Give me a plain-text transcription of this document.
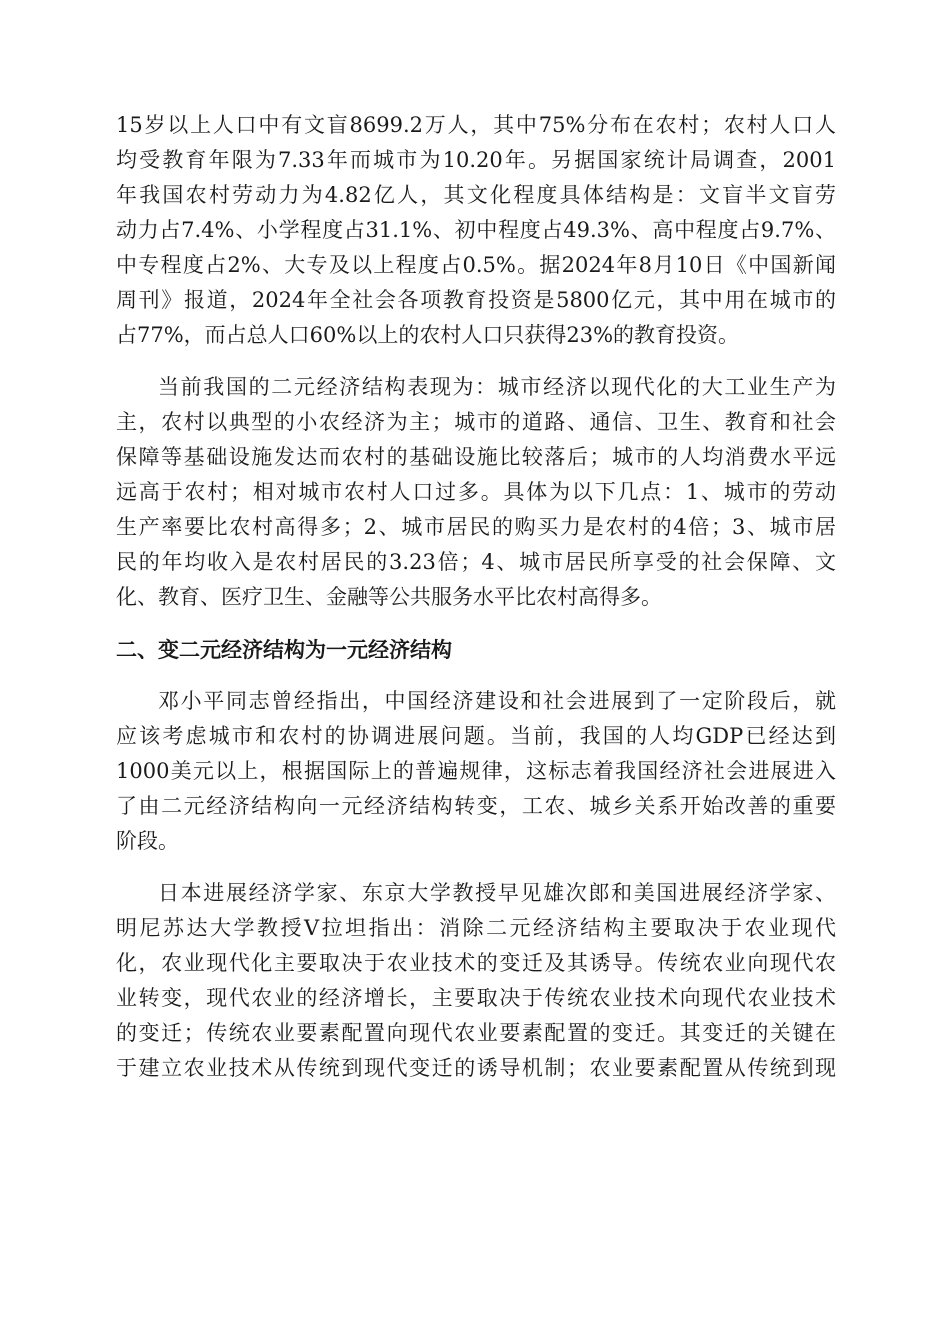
15岁以上人口中有文盲8699.2万人，其中75%分布在农村；农村人口人
均受教育年限为7.33年而城市为10.20年。另据国家统计局调查，2001
年我国农村劳动力为4.82亿人，其文化程度具体结构是：文盲半文盲劳
动力占7.4%、小学程度占31.1%、初中程度占49.3%、高中程度占9.7%、
中专程度占2%、大专及以上程度占0.5%。据2024年8月10日《中国新闻
周刊》报道，2024年全社会各项教育投资是5800亿元，其中用在城市的
占77%，而占总人口60%以上的农村人口只获得23%的教育投资。
当前我国的二元经济结构表现为：城市经济以现代化的大工业生产为
主，农村以典型的小农经济为主；城市的道路、通信、卫生、教育和社会
保障等基础设施发达而农村的基础设施比较落后；城市的人均消费水平远
远高于农村；相对城市农村人口过多。具体为以下几点：1、城市的劳动
生产率要比农村高得多；2、城市居民的购买力是农村的4倍；3、城市居
民的年均收入是农村居民的3.23倍；4、城市居民所享受的社会保障、文
化、教育、医疗卫生、金融等公共服务水平比农村高得多。
二、变二元经济结构为一元经济结构
邓小平同志曾经指出，中国经济建设和社会进展到了一定阶段后，就
应该考虑城市和农村的协调进展问题。当前，我国的人均GDP已经达到
1000美元以上，根据国际上的普遍规律，这标志着我国经济社会进展进入
了由二元经济结构向一元经济结构转变，工农、城乡关系开始改善的重要
阶段。
日本进展经济学家、东京大学教授早见雄次郎和美国进展经济学家、
明尼苏达大学教授V拉坦指出：消除二元经济结构主要取决于农业现代
化，农业现代化主要取决于农业技术的变迁及其诱导。传统农业向现代农
业转变，现代农业的经济增长，主要取决于传统农业技术向现代农业技术
的变迁；传统农业要素配置向现代农业要素配置的变迁。其变迁的关键在
于建立农业技术从传统到现代变迁的诱导机制；农业要素配置从传统到现
